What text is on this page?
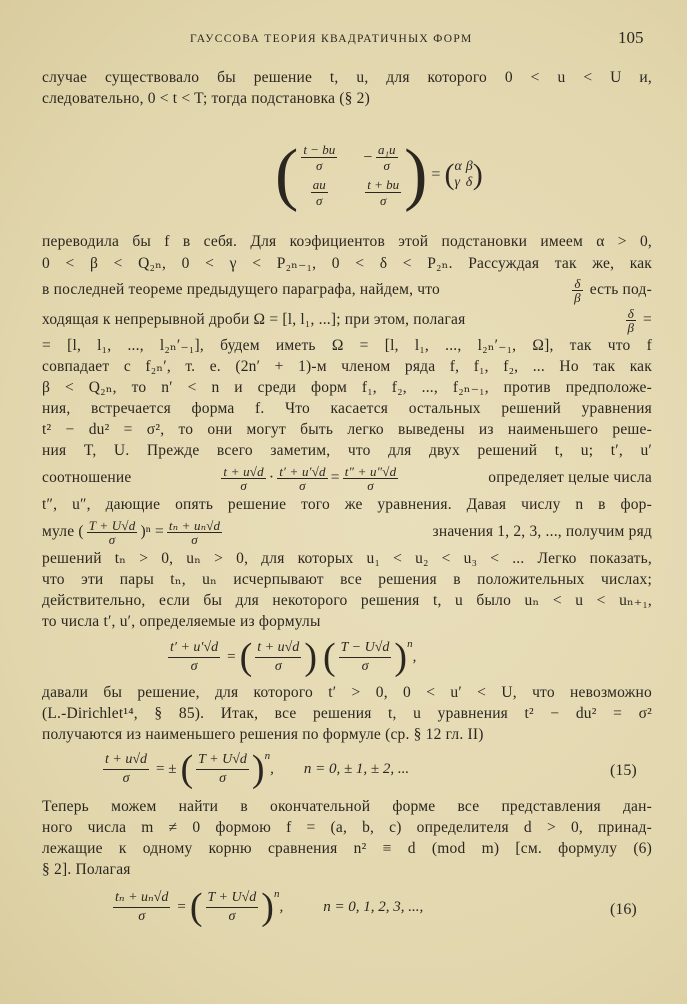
ГАУССОВА ТЕОРИЯ КВАДРАТИЧНЫХ ФОРМ	105
случае существовало бы решение t, u, для которого 0 < u < U и,
следовательно, 0 < t < T; тогда подстановка (§ 2)
( $\frac{t - bu}{\sigma} - \frac{\text{a₁u}}{\sigma}$
$\frac{au}{\sigma} \frac{t + bu}{\sigma}$ ) = ( α β
γ δ )
переводила бы f в себя. Для коэфициентов этой подстановки имеем α > 0,
0 < β < Q₂ₙ, 0 < γ < P₂ₙ₋₁, 0 < δ < P₂ₙ. Рассуждая так же, как
в последней теореме предыдущего параграфа, найдем, что	$\frac{\delta}{\beta}$ есть под-
ходящая к непрерывной дроби Ω = [l, l₁, ...]; при этом, полагая	$\frac{\delta}{\beta}$ =
= [l, l₁, ..., l₂ₙ′₋₁], будем иметь Ω = [l, l₁, ..., l₂ₙ′₋₁, Ω], так что f
совпадает с f₂ₙ′, т. е. (2n′ + 1)-м членом ряда f, f₁, f₂, ... Но так как
β < Q₂ₙ, то n′ < n и среди форм f₁, f₂, ..., f₂ₙ₋₁, против предположе-
ния, встречается форма f. Что касается остальных решений уравнения
t² − du² = σ², то они могут быть легко выведены из наименьшего реше-
ния T, U. Прежде всего заметим, что для двух решений t, u; t′, u′
соотношение	$\frac{t + u√d}{\sigma} \cdot \frac{t' + u'√d}{\sigma} = \frac{t'' + u''√d}{\sigma}$	определяет целые числа
t″, u″, дающие опять решение того же уравнения. Давая числу n в фор-
муле ( $\frac{T + U√d}{\sigma} )^n = \frac{\text{tₙ + uₙ√d}}{\sigma}$	значения 1, 2, 3, ..., получим ряд
решений tₙ > 0, uₙ > 0, для которых u₁ < u₂ < u₃ < ... Легко показать,
что эти пары tₙ, uₙ исчерпывают все решения в положительных числах;
действительно, если бы для некоторого решения t, u было uₙ < u < uₙ₊₁,
то числа t′, u′, определяемые из формулы
$\frac{t' + u'√d}{\sigma}$ = ( $\frac{t + u√d}{\sigma}$ ) ( $\frac{T - U√d}{\sigma}$ ) n
,
давали бы решение, для которого t′ > 0, 0 < u′ < U, что невозможно
(L.-Dirichlet¹⁴, § 85). Итак, все решения t, u уравнения t² − du² = σ²
получаются из наименьшего решения по формуле (ср. § 12 гл. II)
$\frac{t + u√d}{\sigma}$ = ± ( $\frac{T + U√d}{\sigma}$ ) n
, n = 0, ± 1, ± 2, ...	(15)
Теперь можем найти в окончательной форме все представления дан-
ного числа m ≠ 0 формою f = (a, b, c) определителя d > 0, принад-
лежащие к одному корню сравнения n² ≡ d (mod m) [см. формулу (6)
§ 2]. Полагая
$\frac{\text{tₙ + uₙ√d}}{\sigma}$ = ( $\frac{T + U√d}{\sigma}$ ) n
,	n = 0, 1, 2, 3, ...,	(16)
